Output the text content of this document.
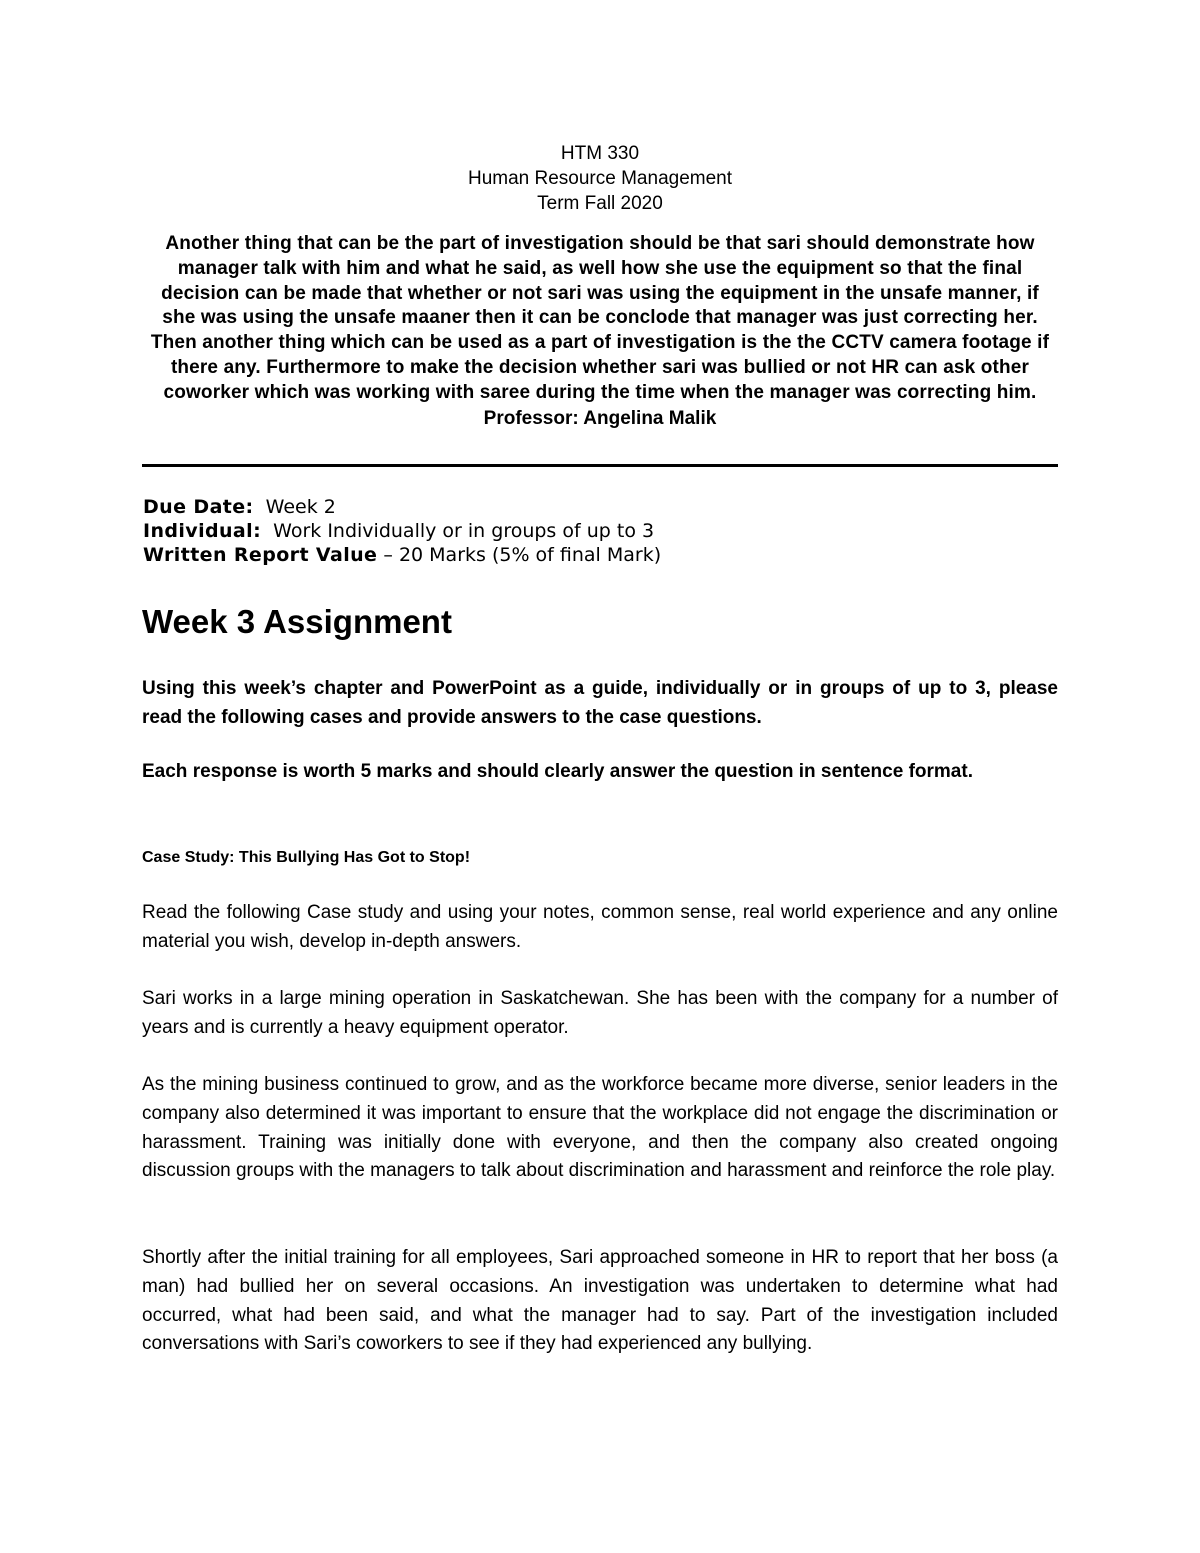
HTM 330
Human Resource Management
Term Fall 2020
Another thing that can be the part of investigation should be that sari should demonstrate how manager talk with him and what he said, as well how she use the equipment so that the final decision can be made that whether or not sari was using the equipment in the unsafe manner, if she was using the unsafe maaner then it can be conclode that manager was just correcting her. Then another thing which can be used as a part of investigation is the the CCTV camera footage if there any. Furthermore to make the decision whether sari was bullied or not HR can ask other coworker which was working with saree during the time when the manager was correcting him.
Professor: Angelina Malik
Due Date: Week 2
Individual: Work Individually or in groups of up to 3
Written Report Value – 20 Marks (5% of final Mark)
Week 3 Assignment

Using this week’s chapter and PowerPoint as a guide, individually or in groups of up to 3, please read the following cases and provide answers to the case questions.

Each response is worth 5 marks and should clearly answer the question in sentence format.

Case Study: This Bullying Has Got to Stop!

Read the following Case study and using your notes, common sense, real world experience and any online material you wish, develop in-depth answers.

Sari works in a large mining operation in Saskatchewan. She has been with the company for a number of years and is currently a heavy equipment operator.

As the mining business continued to grow, and as the workforce became more diverse, senior leaders in the company also determined it was important to ensure that the workplace did not engage the discrimination or harassment. Training was initially done with everyone, and then the company also created ongoing discussion groups with the managers to talk about discrimination and harassment and reinforce the role play.

Shortly after the initial training for all employees, Sari approached someone in HR to report that her boss (a man) had bullied her on several occasions. An investigation was undertaken to determine what had occurred, what had been said, and what the manager had to say. Part of the investigation included conversations with Sari’s coworkers to see if they had experienced any bullying.
